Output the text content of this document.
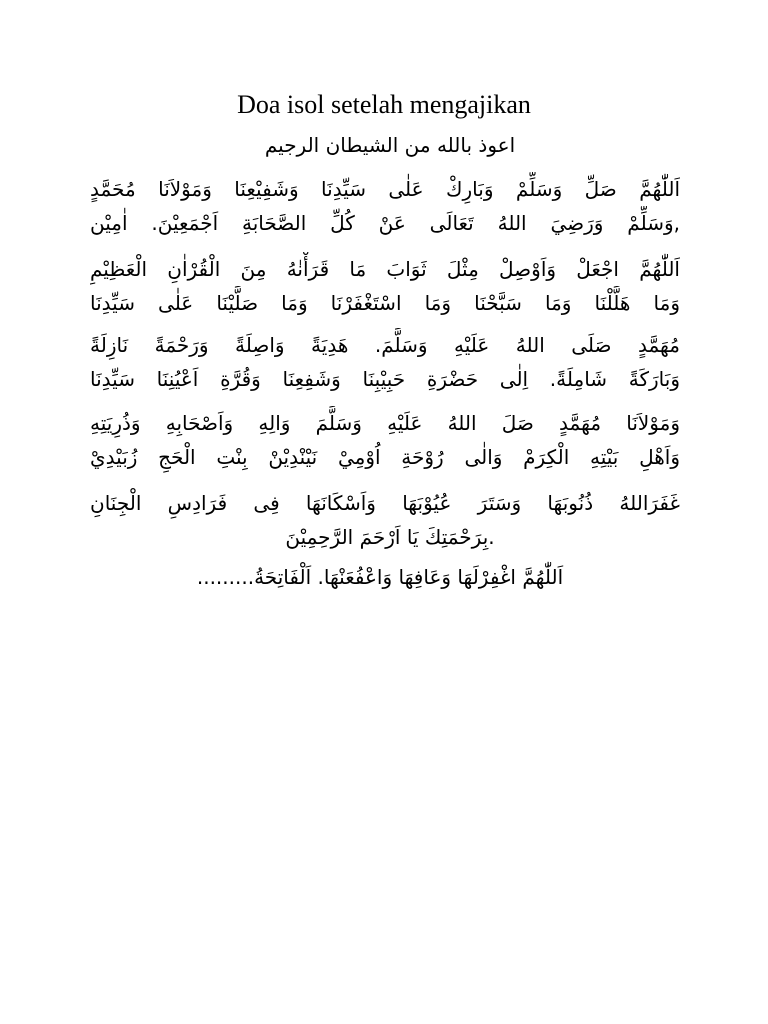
Doa isol setelah mengajikan
اعوذ بالله من الشيطان الرجيم
اَللّٰهُمَّ صَلِّ وَسَلِّمْ وَبَارِكْ عَلٰى سَيِّدِنَا وَشَفِيْعِنَا وَمَوْلاَنَا مُحَمَّدٍ
,وَسَلِّمْ وَرَضِيَ اللهُ تَعَالَى عَنْ كُلِّ الصَّحَابَةِ اَجْمَعِيْنَ. اٰمِيْن
اَللّٰهُمَّ اجْعَلْ وَاَوْصِلْ مِثْلَ ثَوَابَ مَا قَرَأْنٰهُ مِنَ الْقُرْاٰنِ الْعَظِيْمِ
وَمَا هَلَّلْنَا وَمَا سَبَّحْنَا وَمَا اسْتَغْفَرْنَا وَمَا صَلَّيْنَا عَلٰى سَيِّدِنَا
مُهَمَّدٍ صَلَى اللهُ عَلَيْهِ وَسَلَّمَ. هَدِيَةً وَاصِلَةً وَرَحْمَةً نَازِلَةً
وَبَارَكَةً شَامِلَةً. اِلٰى حَضْرَةِ حَبِيْبِنَا وَشَفِعِنَا وَقُرَّةِ اَعْيُنِنَا سَيِّدِنَا
وَمَوْلاَنَا مُهَمَّدٍ صَلَ اللهُ عَلَيْهِ وَسَلَّمَ وَالِهِ وَاَصْحَابِهِ وَذُرِيَتِهِ
وَاَهْلِ بَيْتِهِ الْكِرَمْ وَالٰى رُوْحَةِ اُوْمِيْ نَيْنْدِيْنْ بِنْتِ الْحَجِ زُبَيْدِيْ
غَفَرَاللهُ ذُنُوبَهَا وَسَتَرَ عُيُوْبَهَا وَاَسْكَانَهَا فِى فَرَادِسِ الْجِنَانِ
.بِرَحْمَتِكَ يَا اَرْحَمَ الرَّحِمِيْنَ
اَللّٰهُمَّ اغْفِرْلَهَا وَعَافِهَا وَاعْفُعَنْهَا. اَلْفَاتِحَةُ.........
